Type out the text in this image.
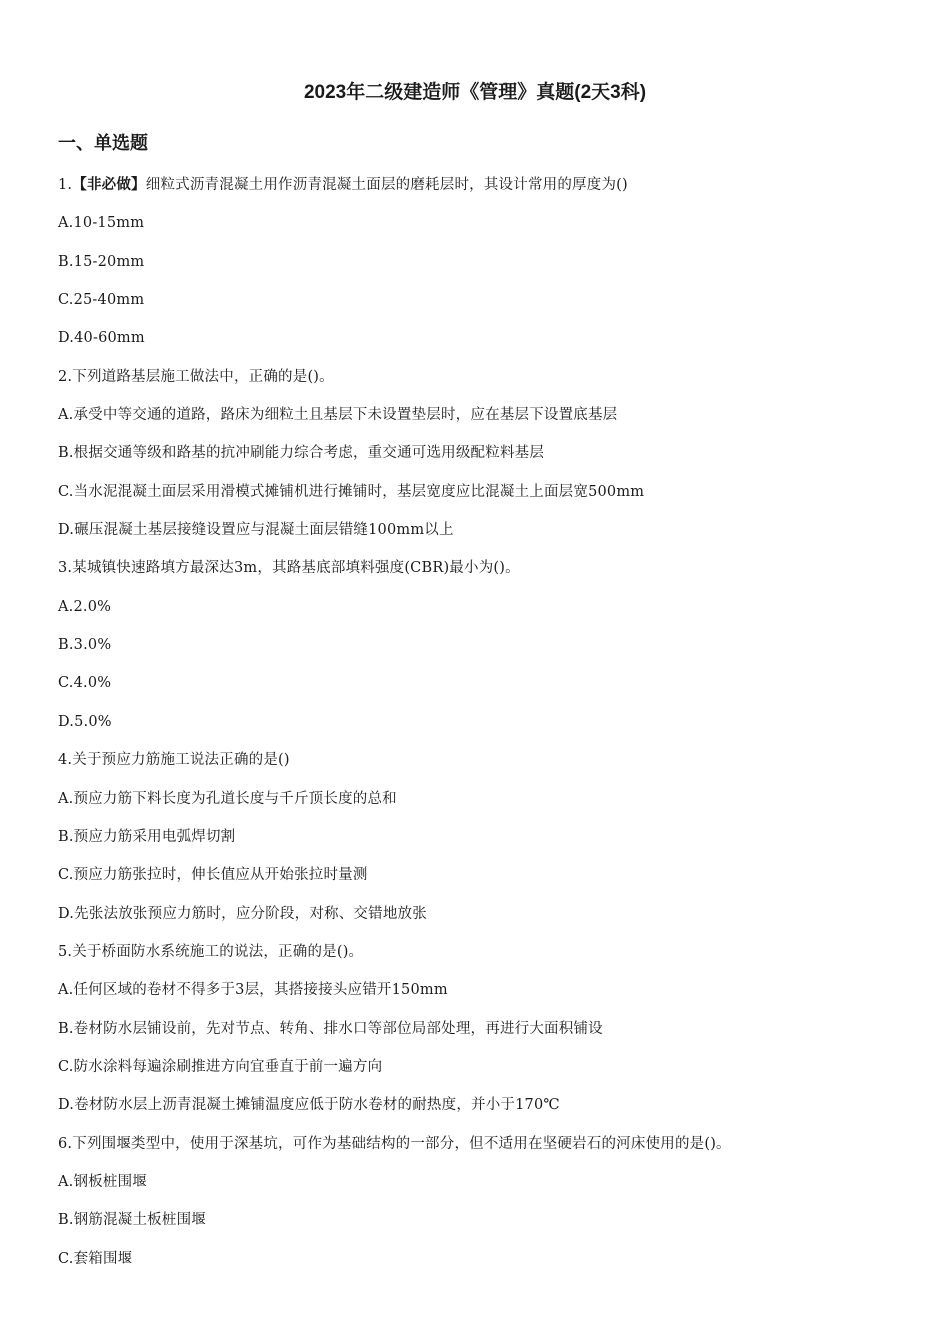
2023年二级建造师《管理》真题(2天3科)
一、单选题
1.【非必做】细粒式沥青混凝土用作沥青混凝土面层的磨耗层时，其设计常用的厚度为()
A.10-15mm
B.15-20mm
C.25-40mm
D.40-60mm
2.下列道路基层施工做法中，正确的是()。
A.承受中等交通的道路，路床为细粒土且基层下未设置垫层时，应在基层下设置底基层
B.根据交通等级和路基的抗冲刷能力综合考虑，重交通可选用级配粒料基层
C.当水泥混凝土面层采用滑模式摊铺机进行摊铺时，基层宽度应比混凝土上面层宽500mm
D.碾压混凝土基层接缝设置应与混凝土面层错缝100mm以上
3.某城镇快速路填方最深达3m，其路基底部填料强度(CBR)最小为()。
A.2.0%
B.3.0%
C.4.0%
D.5.0%
4.关于预应力筋施工说法正确的是()
A.预应力筋下料长度为孔道长度与千斤顶长度的总和
B.预应力筋采用电弧焊切割
C.预应力筋张拉时，伸长值应从开始张拉时量测
D.先张法放张预应力筋时，应分阶段，对称、交错地放张
5.关于桥面防水系统施工的说法，正确的是()。
A.任何区域的卷材不得多于3层，其搭接接头应错开150mm
B.卷材防水层铺设前，先对节点、转角、排水口等部位局部处理，再进行大面积铺设
C.防水涂料每遍涂刷推进方向宜垂直于前一遍方向
D.卷材防水层上沥青混凝土摊铺温度应低于防水卷材的耐热度，并小于170℃
6.下列围堰类型中，使用于深基坑，可作为基础结构的一部分，但不适用在坚硬岩石的河床使用的是()。
A.钢板桩围堰
B.钢筋混凝土板桩围堰
C.套箱围堰
